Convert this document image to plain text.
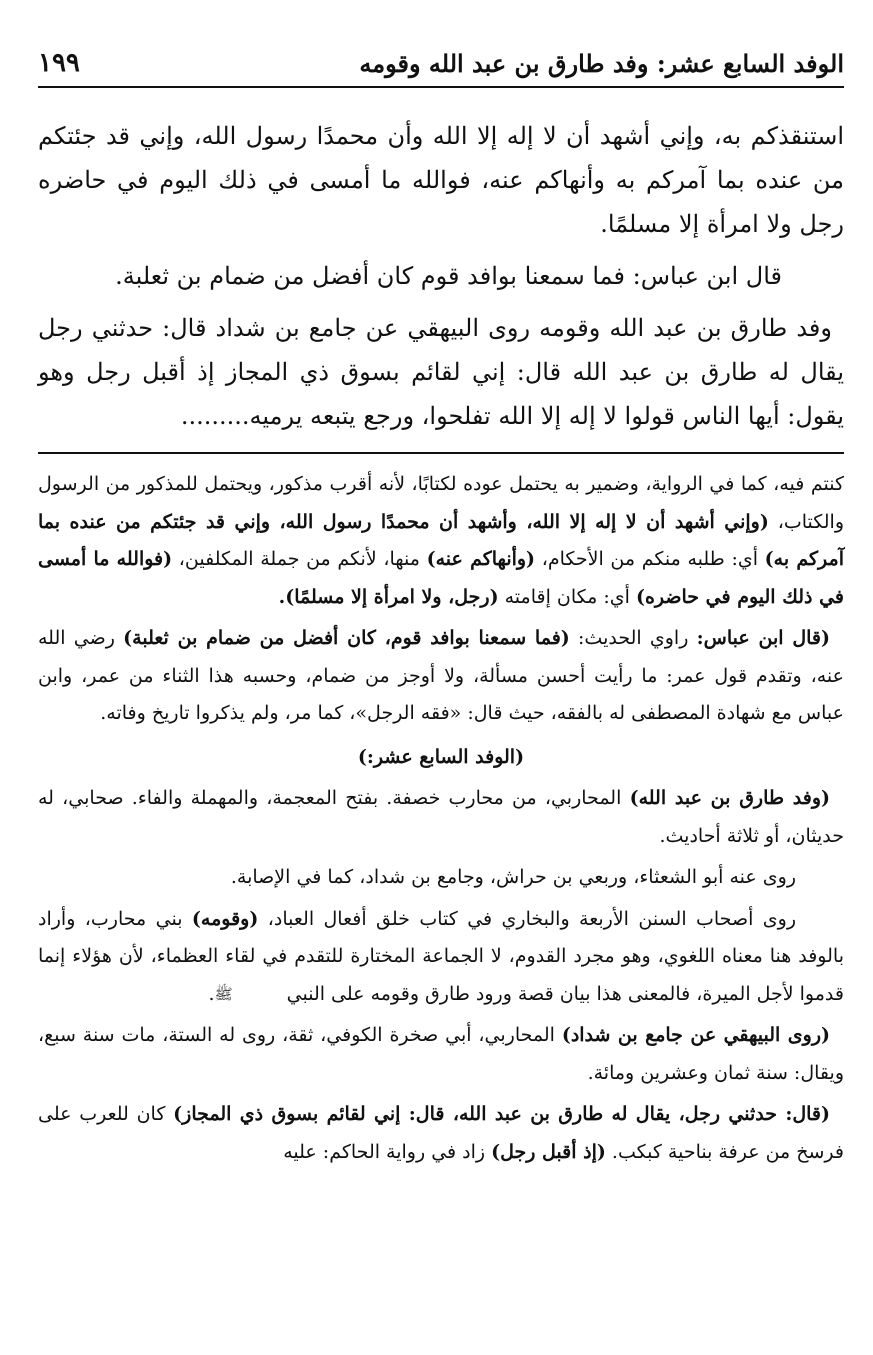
الوفد السابع عشر: وفد طارق بن عبد الله وقومه
١٩٩

استنقذكم به، وإني أشهد أن لا إله إلا الله وأن محمدًا رسول الله، وإني قد جئتكم من عنده بما آمركم به وأنهاكم عنه، فوالله ما أمسى في ذلك اليوم في حاضره رجل ولا امرأة إلا مسلمًا.

قال ابن عباس: فما سمعنا بوافد قوم كان أفضل من ضمام بن ثعلبة.

وفد طارق بن عبد الله وقومه روى البيهقي عن جامع بن شداد قال: حدثني رجل يقال له طارق بن عبد الله قال: إني لقائم بسوق ذي المجاز إذ أقبل رجل وهو يقول: أيها الناس قولوا لا إله إلا الله تفلحوا، ورجع يتبعه يرميه.........

كنتم فيه، كما في الرواية، وضمير به يحتمل عوده لكتابًا، لأنه أقرب مذكور، ويحتمل للمذكور من الرسول والكتاب، (وإني أشهد أن لا إله إلا الله، وأشهد أن محمدًا رسول الله، وإني قد جئتكم من عنده بما آمركم به) أي: طلبه منكم من الأحكام، (وأنهاكم عنه) منها، لأنكم من جملة المكلفين، (فوالله ما أمسى في ذلك اليوم في حاضره) أي: مكان إقامته (رجل، ولا امرأة إلا مسلمًا).

(قال ابن عباس: راوي الحديث: (فما سمعنا بوافد قوم، كان أفضل من ضمام بن ثعلبة) رضي الله عنه، وتقدم قول عمر: ما رأيت أحسن مسألة، ولا أوجز من ضمام، وحسبه هذا الثناء من عمر، وابن عباس مع شهادة المصطفى له بالفقه، حيث قال: «فقه الرجل»، كما مر، ولم يذكروا تاريخ وفاته.

(الوفد السابع عشر:)

(وفد طارق بن عبد الله) المحاربي، من محارب خصفة. بفتح المعجمة، والمهملة والفاء. صحابي، له حديثان، أو ثلاثة أحاديث.

روى عنه أبو الشعثاء، وربعي بن حراش، وجامع بن شداد، كما في الإصابة.

روى أصحاب السنن الأربعة والبخاري في كتاب خلق أفعال العباد، (وقومه) بني محارب، وأراد بالوفد هنا معناه اللغوي، وهو مجرد القدوم، لا الجماعة المختارة للتقدم في لقاء العظماء، لأن هؤلاء إنما قدموا لأجل الميرة، فالمعنى هذا بيان قصة ورود طارق وقومه على النبي ﷺ.

(روى البيهقي عن جامع بن شداد) المحاربي، أبي صخرة الكوفي، ثقة، روى له الستة، مات سنة سبع، ويقال: سنة ثمان وعشرين ومائة.

(قال: حدثني رجل، يقال له طارق بن عبد الله، قال: إني لقائم بسوق ذي المجاز) كان للعرب على فرسخ من عرفة بناحية كبكب. (إذ أقبل رجل) زاد في رواية الحاكم: عليه
